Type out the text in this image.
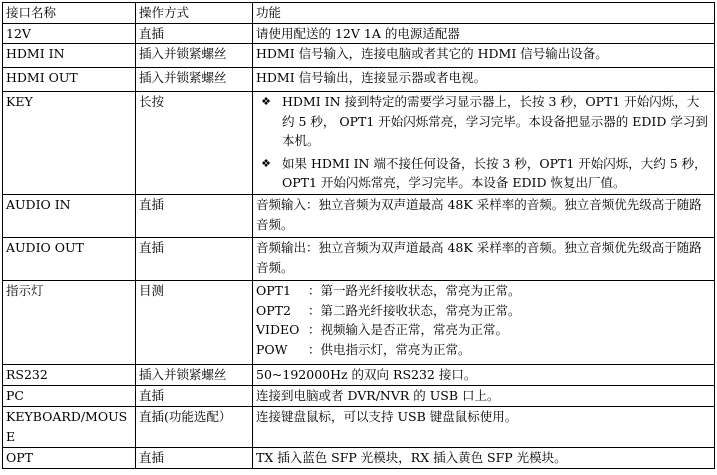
接口名称	操作方式	功能
12V	直插	请使用配送的 12V 1A 的电源适配器
HDMI IN	插入并锁紧螺丝	HDMI 信号输入，连接电脑或者其它的 HDMI 信号输出设备。
HDMI OUT	插入并锁紧螺丝	HDMI 信号输出，连接显示器或者电视。
KEY	长按	❖ HDMI IN 接到特定的需要学习显示器上，长按 3 秒，OPT1 开始闪烁，大约 5 秒， OPT1 开始闪烁常亮，学习完毕。本设备把显示器的 EDID 学习到本机。
❖ 如果 HDMI IN 端不接任何设备，长按 3 秒，OPT1 开始闪烁，大约 5 秒，OPT1 开始闪烁常亮，学习完毕。本设备 EDID 恢复出厂值。

AUDIO IN	直插	音频输入：独立音频为双声道最高 48K 采样率的音频。独立音频优先级高于随路音频。
AUDIO OUT	直插	音频输出：独立音频为双声道最高 48K 采样率的音频。独立音频优先级高于随路音频。
指示灯	目测	OPT1 ：第一路光纤接收状态，常亮为正常。
OPT2 ：第二路光纤接收状态，常亮为正常。
VIDEO ：视频输入是否正常，常亮为正常。
POW ：供电指示灯，常亮为正常。

RS232	插入并锁紧螺丝	50~192000Hz 的双向 RS232 接口。
PC	直插	连接到电脑或者 DVR/NVR 的 USB 口上。
KEYBOARD/MOUSE	直插(功能选配）	连接键盘鼠标，可以支持 USB 键盘鼠标使用。
OPT	直插	TX 插入蓝色 SFP 光模块，RX 插入黄色 SFP 光模块。
